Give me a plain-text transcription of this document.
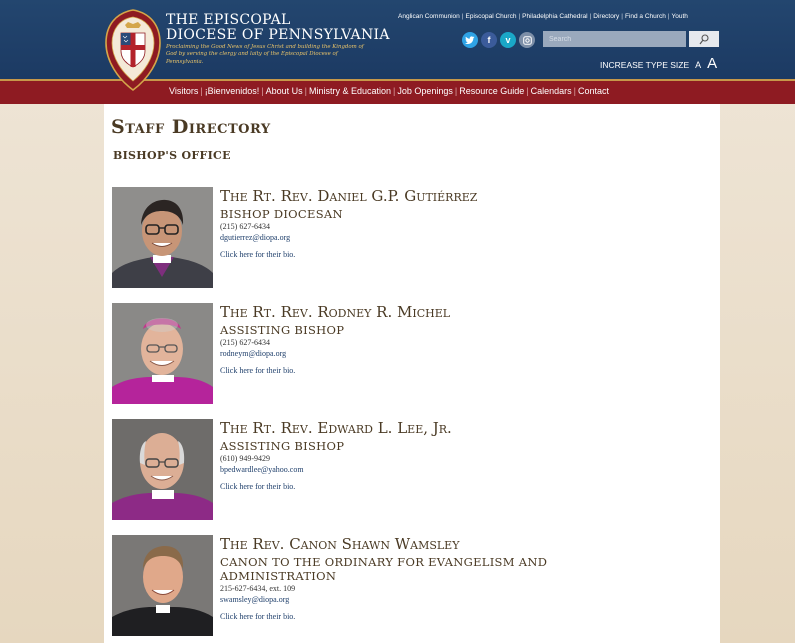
THE EPISCOPAL
DIOCESE OF PENNSYLVANIA
Proclaiming the Good News of Jesus Christ and building the Kingdom of God by serving the clergy and laity of the Episcopal Diocese of Pennsylvania.
Anglican Communion | Episcopal Church | Philadelphia Cathedral | Directory | Find a Church | Youth
f	v
Search
INCREASE TYPE SIZE A A
Visitors | ¡Bienvenidos! | About Us | Ministry & Education | Job Openings | Resource Guide | Calendars | Contact
Staff Directory
BISHOP'S OFFICE
The Rt. Rev. Daniel G.P. Gutiérrez
BISHOP DIOCESAN
(215) 627-6434
dgutierrez@diopa.org
Click here for their bio.
The Rt. Rev. Rodney R. Michel
ASSISTING BISHOP
(215) 627-6434
rodneym@diopa.org
Click here for their bio.
The Rt. Rev. Edward L. Lee, Jr.
ASSISTING BISHOP
(610) 949-9429
bpedwardlee@yahoo.com
Click here for their bio.
The Rev. Canon Shawn Wamsley
CANON TO THE ORDINARY FOR EVANGELISM AND
ADMINISTRATION
215-627-6434, ext. 109
swamsley@diopa.org
Click here for their bio.
